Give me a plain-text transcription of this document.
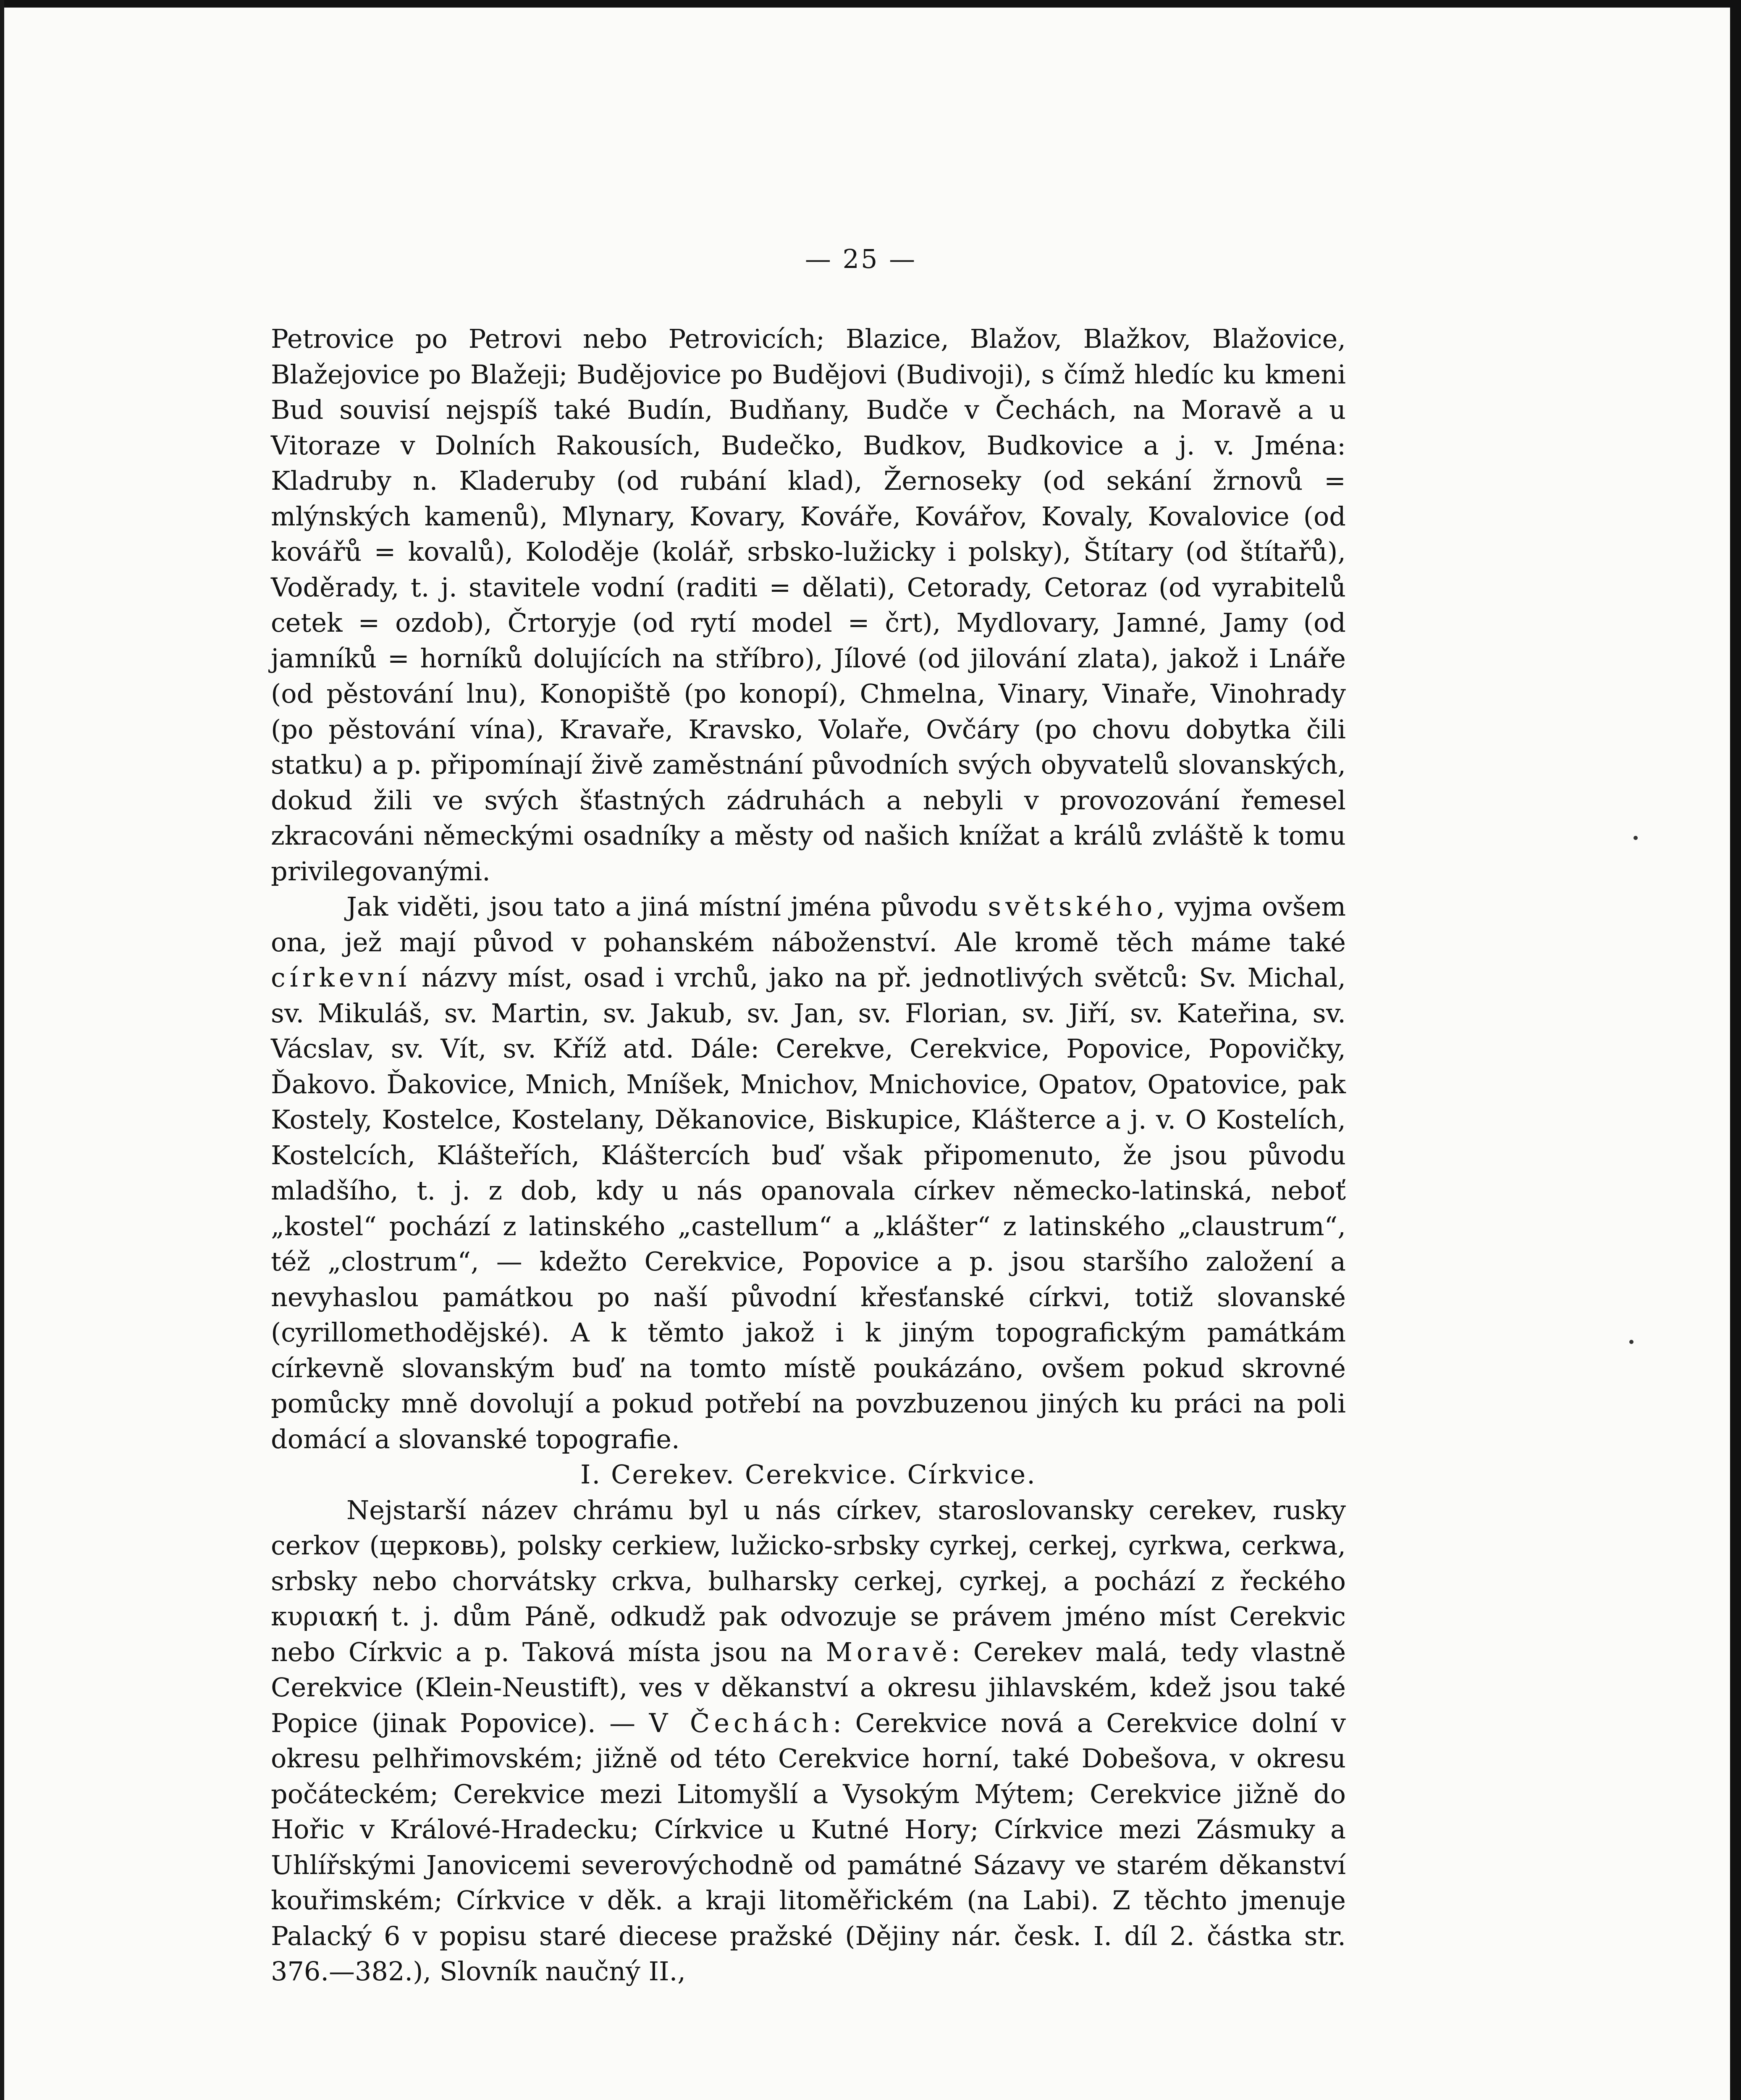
— 25 —

Petrovice po Petrovi nebo Petrovicích; Blazice, Blažov, Blažkov, Blažovice, Blažejovice po Blažeji; Budějovice po Budějovi (Budivoji), s čímž hledíc ku kmeni Bud souvisí nejspíš také Budín, Budňany, Budče v Čechách, na Moravě a u Vitoraze v Dolních Rakousích, Budečko, Budkov, Budkovice a j. v. Jména: Kladruby n. Kladeruby (od rubání klad), Žernoseky (od sekání žrnovů = mlýnských kamenů), Mlynary, Kovary, Kováře, Kovářov, Kovaly, Kovalovice (od kovářů = kovalů), Koloděje (kolář, srbsko-lužicky i polsky), Štítary (od štítařů), Voděrady, t. j. stavitele vodní (raditi = dělati), Cetorady, Cetoraz (od vyrabitelů cetek = ozdob), Črtoryje (od rytí model = črt), Mydlovary, Jamné, Jamy (od jamníků = horníků dolujících na stříbro), Jílové (od jilování zlata), jakož i Lnáře (od pěstování lnu), Konopiště (po konopí), Chmelna, Vinary, Vinaře, Vinohrady (po pěstování vína), Kravaře, Kravsko, Volaře, Ovčáry (po chovu dobytka čili statku) a p. připomínají živě zaměstnání původních svých obyvatelů slovanských, dokud žili ve svých šťastných zádruhách a nebyli v provozování řemesel zkracováni německými osadníky a městy od našich knížat a králů zvláště k tomu privilegovanými.

Jak viděti, jsou tato a jiná místní jména původu světského, vyjma ovšem ona, jež mají původ v pohanském náboženství. Ale kromě těch máme také církevní názvy míst, osad i vrchů, jako na př. jednotlivých světců: Sv. Michal, sv. Mikuláš, sv. Martin, sv. Jakub, sv. Jan, sv. Florian, sv. Jiří, sv. Kateřina, sv. Vácslav, sv. Vít, sv. Kříž atd. Dále: Cerekve, Cerekvice, Popovice, Popovičky, Ďakovo. Ďakovice, Mnich, Mníšek, Mnichov, Mnichovice, Opatov, Opatovice, pak Kostely, Kostelce, Kostelany, Děkanovice, Biskupice, Klášterce a j. v. O Kostelích, Kostelcích, Klášteřích, Kláštercích buď však připomenuto, že jsou původu mladšího, t. j. z dob, kdy u nás opanovala církev německo-latinská, neboť „kostel“ pochází z latinského „castellum“ a „klášter“ z latinského „claustrum“, též „clostrum“, — kdežto Cerekvice, Popovice a p. jsou staršího založení a nevyhaslou památkou po naší původní křesťanské církvi, totiž slovanské (cyrillomethodějské). A k těmto jakož i k jiným topografickým památkám církevně slovanským buď na tomto místě poukázáno, ovšem pokud skrovné pomůcky mně dovolují a pokud potřebí na povzbuzenou jiných ku práci na poli domácí a slovanské topografie.

I. Cerekev. Cerekvice. Církvice.

Nejstarší název chrámu byl u nás církev, staroslovansky cerekev, rusky cerkov (церковь), polsky cerkiew, lužicko-srbsky cyrkej, cerkej, cyrkwa, cerkwa, srbsky nebo chorvátsky crkva, bulharsky cerkej, cyrkej, a pochází z řeckého κυριακή t. j. dům Páně, odkudž pak odvozuje se právem jméno míst Cerekvic nebo Církvic a p. Taková místa jsou na Moravě: Cerekev malá, tedy vlastně Cerekvice (Klein-Neustift), ves v děkanství a okresu jihlavském, kdež jsou také Popice (jinak Popovice). — V Čechách: Cerekvice nová a Cerekvice dolní v okresu pelhřimovském; jižně od této Cerekvice horní, také Dobešova, v okresu počáteckém; Cerekvice mezi Litomyšlí a Vysokým Mýtem; Cerekvice jižně do Hořic v Králové-Hradecku; Církvice u Kutné Hory; Církvice mezi Zásmuky a Uhlířskými Janovicemi severovýchodně od památné Sázavy ve starém děkanství kouřimském; Církvice v děk. a kraji litoměřickém (na Labi). Z těchto jmenuje Palacký 6 v popisu staré diecese pražské (Dějiny nár. česk. I. díl 2. částka str. 376.—382.), Slovník naučný II.,
